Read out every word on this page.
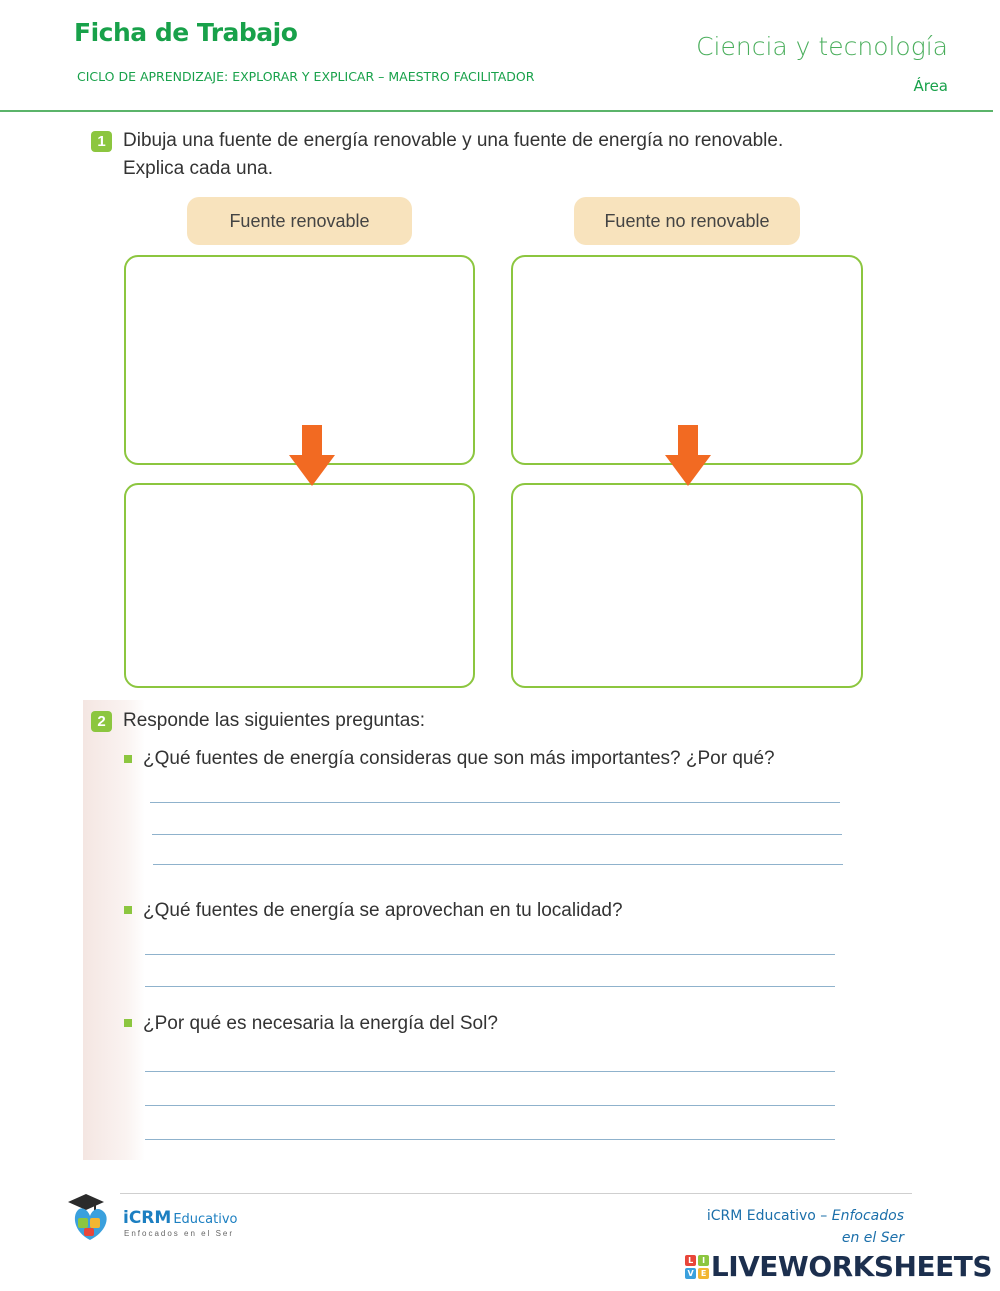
Ficha de Trabajo
CICLO DE APRENDIZAJE: EXPLORAR Y EXPLICAR – MAESTRO FACILITADOR
Ciencia y tecnología
Área
1 Dibuja una fuente de energía renovable y una fuente de energía no renovable.
Explica cada una.
Fuente renovable	Fuente no renovable
2 Responde las siguientes preguntas:
¿Qué fuentes de energía consideras que son más importantes? ¿Por qué?
¿Qué fuentes de energía se aprovechan en tu localidad?
¿Por qué es necesaria la energía del Sol?
iCRM Educativo
Enfocados en el Ser
iCRM Educativo – Enfocados
en el Ser
L	I
V E LIVEWORKSHEETS
